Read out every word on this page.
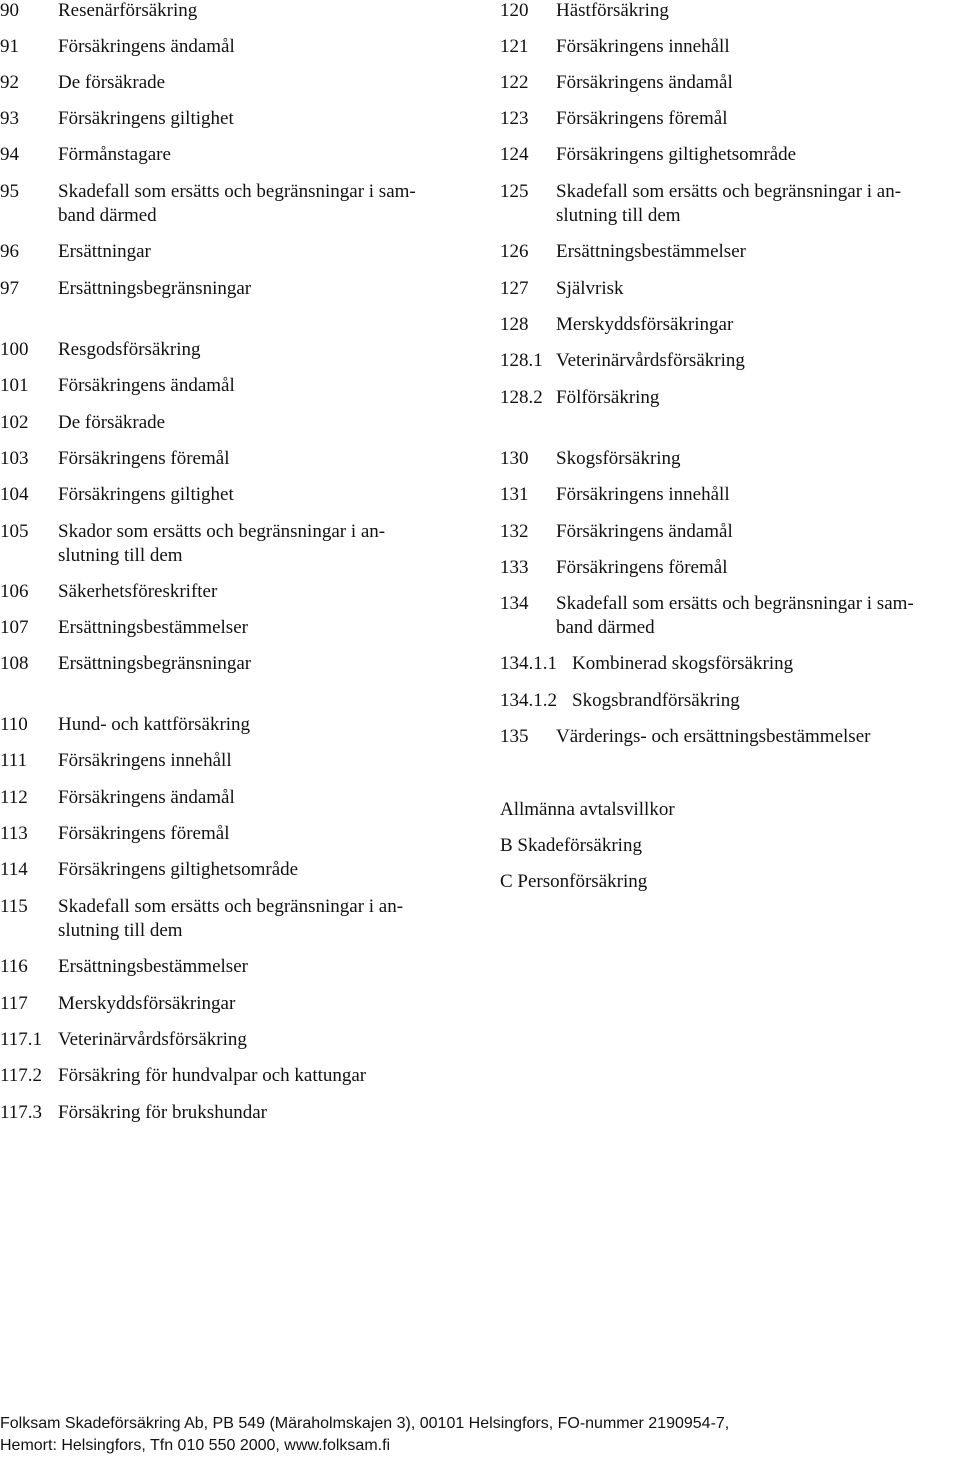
90 Resenärförsäkring
91 Försäkringens ändamål
92 De försäkrade
93 Försäkringens giltighet
94 Förmånstagare
95 Skadefall som ersätts och begränsningar i sam-
band därmed
96 Ersättningar
97 Ersättningsbegränsningar
100 Resgodsförsäkring
101 Försäkringens ändamål
102 De försäkrade
103 Försäkringens föremål
104 Försäkringens giltighet
105 Skador som ersätts och begränsningar i an-
slutning till dem
106 Säkerhetsföreskrifter
107 Ersättningsbestämmelser
108 Ersättningsbegränsningar
110 Hund- och kattförsäkring
111 Försäkringens innehåll
112 Försäkringens ändamål
113 Försäkringens föremål
114 Försäkringens giltighetsområde
115 Skadefall som ersätts och begränsningar i an-
slutning till dem
116 Ersättningsbestämmelser
117 Merskyddsförsäkringar
117.1 Veterinärvårdsförsäkring
117.2 Försäkring för hundvalpar och kattungar
117.3 Försäkring för brukshundar
120 Hästförsäkring
121 Försäkringens innehåll
122 Försäkringens ändamål
123 Försäkringens föremål
124 Försäkringens giltighetsområde
125 Skadefall som ersätts och begränsningar i an-
slutning till dem
126 Ersättningsbestämmelser
127 Självrisk
128 Merskyddsförsäkringar
128.1 Veterinärvårdsförsäkring
128.2 Fölförsäkring
130 Skogsförsäkring
131 Försäkringens innehåll
132 Försäkringens ändamål
133 Försäkringens föremål
134 Skadefall som ersätts och begränsningar i sam-
band därmed
134.1.1 Kombinerad skogsförsäkring
134.1.2 Skogsbrandförsäkring
135 Värderings- och ersättningsbestämmelser
Allmänna avtalsvillkor
B Skadeförsäkring
C Personförsäkring
Folksam Skadeförsäkring Ab, PB 549 (Märaholmskajen 3), 00101 Helsingfors, FO-nummer 2190954-7,
Hemort: Helsingfors, Tfn 010 550 2000, www.folksam.fi
